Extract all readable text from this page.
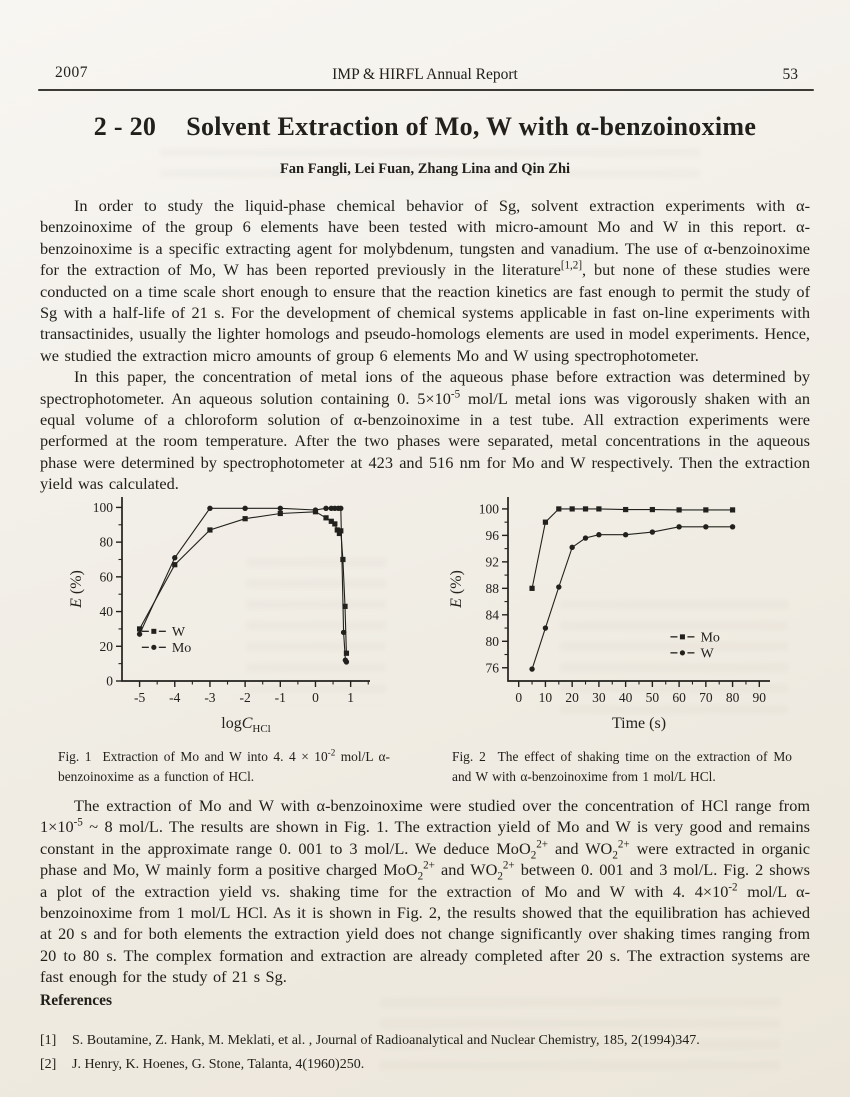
2007	IMP & HIRFL Annual Report	53
2 - 20 Solvent Extraction of Mo, W with α-benzoinoxime
Fan Fangli, Lei Fuan, Zhang Lina and Qin Zhi

In order to study the liquid-phase chemical behavior of Sg, solvent extraction experiments with α-benzoinoxime of the group 6 elements have been tested with micro-amount Mo and W in this report. α-benzoinoxime is a specific extracting agent for molybdenum, tungsten and vanadium. The use of α-benzoinoxime for the extraction of Mo, W has been reported previously in the literature[1,2], but none of these studies were conducted on a time scale short enough to ensure that the reaction kinetics are fast enough to permit the study of Sg with a half-life of 21 s. For the development of chemical systems applicable in fast on-line experiments with transactinides, usually the lighter homologs and pseudo-homologs elements are used in model experiments. Hence, we studied the extraction micro amounts of group 6 elements Mo and W using spectrophotometer.

In this paper, the concentration of metal ions of the aqueous phase before extraction was determined by spectrophotometer. An aqueous solution containing 0. $5\times 10^{-5}$ mol/L metal ions was vigorously shaken with an equal volume of a chloroform solution of α-benzoinoxime in a test tube. All extraction experiments were performed at the room temperature. After the two phases were separated, metal concentrations in the aqueous phase were determined by spectrophotometer at 423 and 516 nm for Mo and W respectively. Then the extraction yield was calculated.

-5 -4 -3 -2 -1 0 1
0
20
40
60
80
100
logC$_{HCl}$
E (%)
W
Mo
0 10 20 30 40 50 60 70 80 90
76
80
84
88
92
96
100
Time (s)
E (%)
Mo
W
Fig. 1  Extraction of Mo and W into 4. $4 \times 10^{-2}$ mol/L α-benzoinoxime as a function of HCl.
Fig. 2  The effect of shaking time on the extraction of Mo and W with α-benzoinoxime from 1 mol/L HCl.

The extraction of Mo and W with α-benzoinoxime were studied over the concentration of HCl range from $1\times 10^{-5}$ ~ 8 mol/L. The results are shown in Fig. 1. The extraction yield of Mo and W is very good and remains constant in the approximate range 0. 001 to 3 mol/L. We deduce MoO$_2^{2+}$ and $WO_2^{2+}$ were extracted in organic phase and Mo, W mainly form a positive charged MoO$_2^{2+}$ and $WO_2^{2+}$ between 0. 001 and 3 mol/L. Fig. 2 shows a plot of the extraction yield vs. shaking time for the extraction of Mo and W with 4. $4\times 10^{-2}$ mol/L α-benzoinoxime from 1 mol/L HCl. As it is shown in Fig. 2, the results showed that the equilibration has achieved at 20 s and for both elements the extraction yield does not change significantly over shaking times ranging from 20 to 80 s. The complex formation and extraction are already completed after 20 s. The extraction systems are fast enough for the study of 21 s Sg.

References
[1]	S. Boutamine, Z. Hank, M. Meklati, et al. , Journal of Radioanalytical and Nuclear Chemistry, 185, 2(1994)347.
[2]	J. Henry, K. Hoenes, G. Stone, Talanta, 4(1960)250.
